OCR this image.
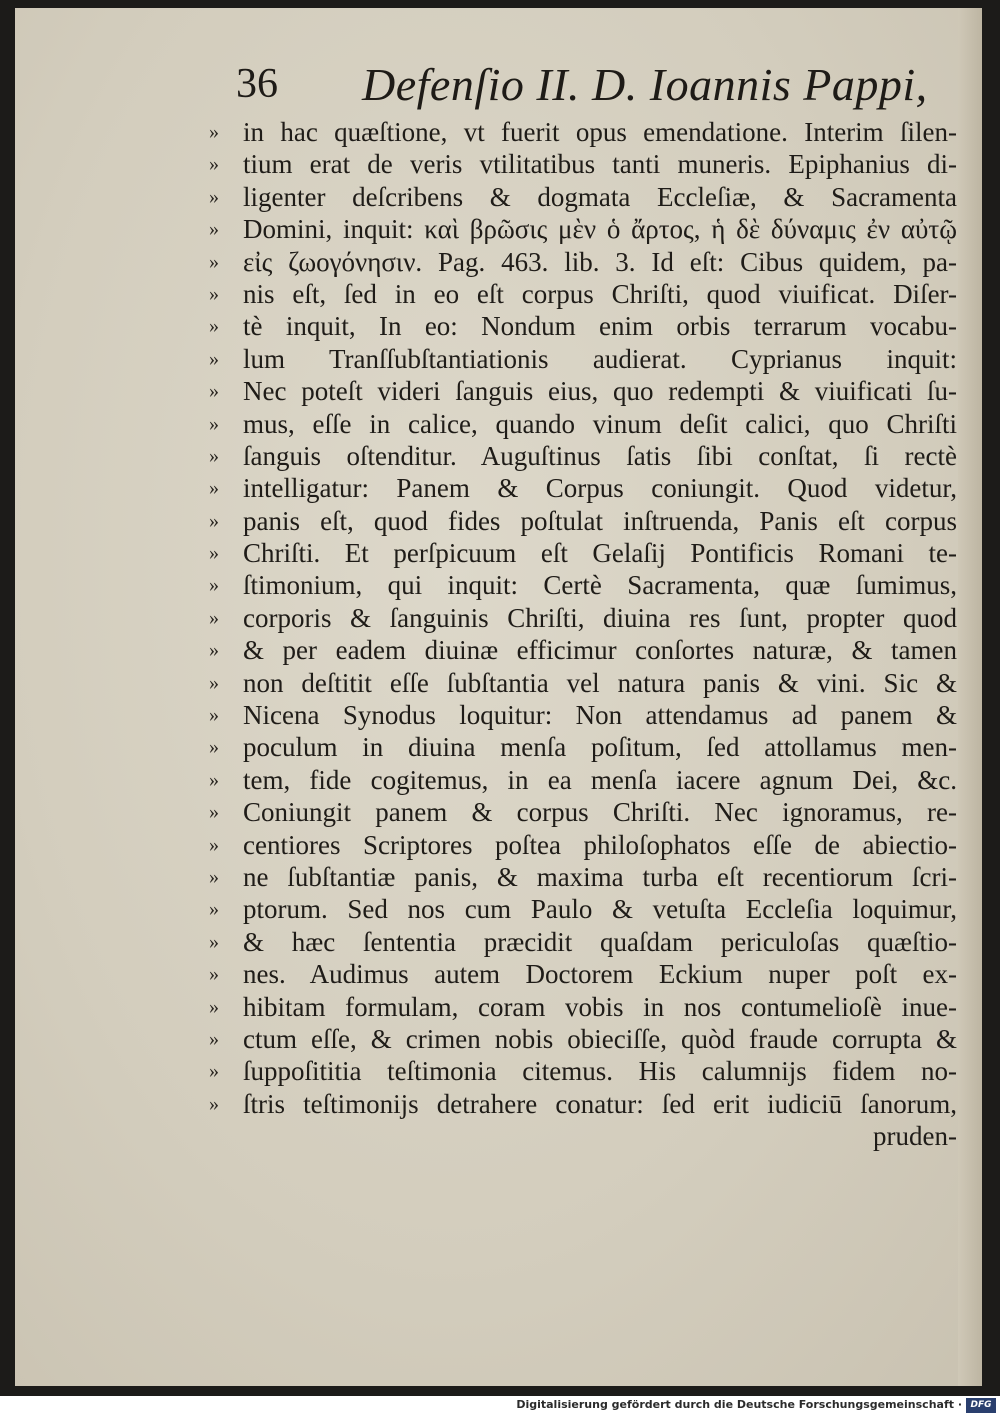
36 Defenſio II. D. Ioannis Pappi,
» in hac quæſtione, vt fuerit opus emendatione. Interim ſilen-
» tium erat de veris vtilitatibus tanti muneris. Epiphanius di-
» ligenter deſcribens & dogmata Eccleſiæ, & Sacramenta
» Domini, inquit: καὶ βρῶσις μὲν ὁ ἄρτος, ἡ δὲ δύναμις ἐν αὐτῷ
» εἰς ζωογόνησιν. Pag. 463. lib. 3. Id eſt: Cibus quidem, pa-
» nis eſt, ſed in eo eſt corpus Chriſti, quod viuificat. Diſer-
» tè inquit, In eo: Nondum enim orbis terrarum vocabu-
» lum Tranſſubſtantiationis audierat. Cyprianus inquit:
» Nec poteſt videri ſanguis eius, quo redempti & viuificati ſu-
» mus, eſſe in calice, quando vinum deſit calici, quo Chriſti
» ſanguis oſtenditur. Auguſtinus ſatis ſibi conſtat, ſi rectè
» intelligatur: Panem & Corpus coniungit. Quod videtur,
» panis eſt, quod fides poſtulat inſtruenda, Panis eſt corpus
» Chriſti. Et perſpicuum eſt Gelaſij Pontificis Romani te-
» ſtimonium, qui inquit: Certè Sacramenta, quæ ſumimus,
» corporis & ſanguinis Chriſti, diuina res ſunt, propter quod
» & per eadem diuinæ efficimur conſortes naturæ, & tamen
» non deſtitit eſſe ſubſtantia vel natura panis & vini. Sic &
» Nicena Synodus loquitur: Non attendamus ad panem &
» poculum in diuina menſa poſitum, ſed attollamus men-
» tem, fide cogitemus, in ea menſa iacere agnum Dei, &c.
» Coniungit panem & corpus Chriſti. Nec ignoramus, re-
» centiores Scriptores poſtea philoſophatos eſſe de abiectio-
» ne ſubſtantiæ panis, & maxima turba eſt recentiorum ſcri-
» ptorum. Sed nos cum Paulo & vetuſta Eccleſia loquimur,
» & hæc ſententia præcidit quaſdam periculoſas quæſtio-
» nes. Audimus autem Doctorem Eckium nuper poſt ex-
» hibitam formulam, coram vobis in nos contumelioſè inue-
» ctum eſſe, & crimen nobis obieciſſe, quòd fraude corrupta &
» ſuppoſititia teſtimonia citemus. His calumnijs fidem no-
» ſtris teſtimonijs detrahere conatur: ſed erit iudiciū ſanorum,
pruden-
Digitalisierung gefördert durch die Deutsche Forschungsgemeinschaft · DFG
